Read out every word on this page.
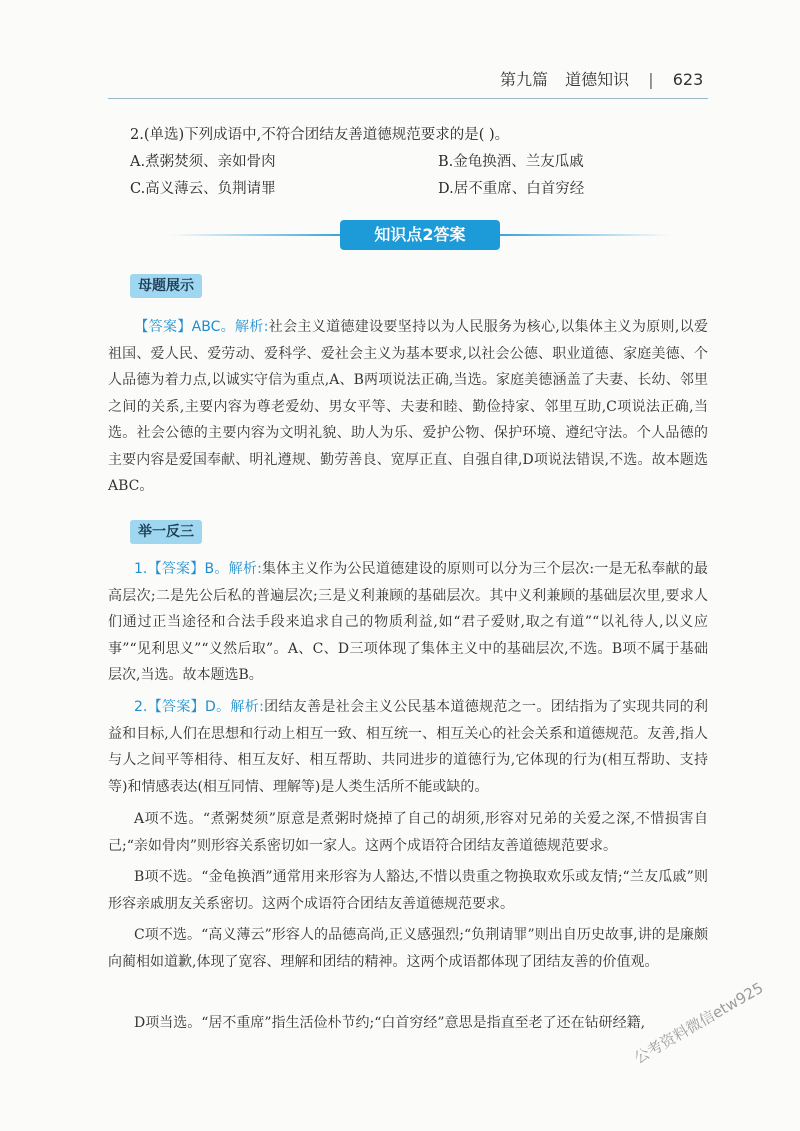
第九篇 道德知识 | 623
2.(单选)下列成语中,不符合团结友善道德规范要求的是( )。
A.煮粥焚须、亲如骨肉	B.金龟换酒、兰友瓜戚
C.高义薄云、负荆请罪	D.居不重席、白首穷经
知识点2答案
母题展示
【答案】ABC。解析:社会主义道德建设要坚持以为人民服务为核心,以集体主义为原则,以爱祖国、爱人民、爱劳动、爱科学、爱社会主义为基本要求,以社会公德、职业道德、家庭美德、个人品德为着力点,以诚实守信为重点,A、B两项说法正确,当选。家庭美德涵盖了夫妻、长幼、邻里之间的关系,主要内容为尊老爱幼、男女平等、夫妻和睦、勤俭持家、邻里互助,C项说法正确,当选。社会公德的主要内容为文明礼貌、助人为乐、爱护公物、保护环境、遵纪守法。个人品德的主要内容是爱国奉献、明礼遵规、勤劳善良、宽厚正直、自强自律,D项说法错误,不选。故本题选ABC。
举一反三
1.【答案】B。解析:集体主义作为公民道德建设的原则可以分为三个层次:一是无私奉献的最高层次;二是先公后私的普遍层次;三是义利兼顾的基础层次。其中义利兼顾的基础层次里,要求人们通过正当途径和合法手段来追求自己的物质利益,如“君子爱财,取之有道”“以礼待人,以义应事”“见利思义”“义然后取”。A、C、D三项体现了集体主义中的基础层次,不选。B项不属于基础层次,当选。故本题选B。
2.【答案】D。解析:团结友善是社会主义公民基本道德规范之一。团结指为了实现共同的利益和目标,人们在思想和行动上相互一致、相互统一、相互关心的社会关系和道德规范。友善,指人与人之间平等相待、相互友好、相互帮助、共同进步的道德行为,它体现的行为(相互帮助、支持等)和情感表达(相互同情、理解等)是人类生活所不能或缺的。
A项不选。“煮粥焚须”原意是煮粥时烧掉了自己的胡须,形容对兄弟的关爱之深,不惜损害自己;“亲如骨肉”则形容关系密切如一家人。这两个成语符合团结友善道德规范要求。
B项不选。“金龟换酒”通常用来形容为人豁达,不惜以贵重之物换取欢乐或友情;“兰友瓜戚”则形容亲戚朋友关系密切。这两个成语符合团结友善道德规范要求。
C项不选。“高义薄云”形容人的品德高尚,正义感强烈;“负荆请罪”则出自历史故事,讲的是廉颇向蔺相如道歉,体现了宽容、理解和团结的精神。这两个成语都体现了团结友善的价值观。
D项当选。“居不重席”指生活俭朴节约;“白首穷经”意思是指直至老了还在钻研经籍,
公考资料微信etw925
